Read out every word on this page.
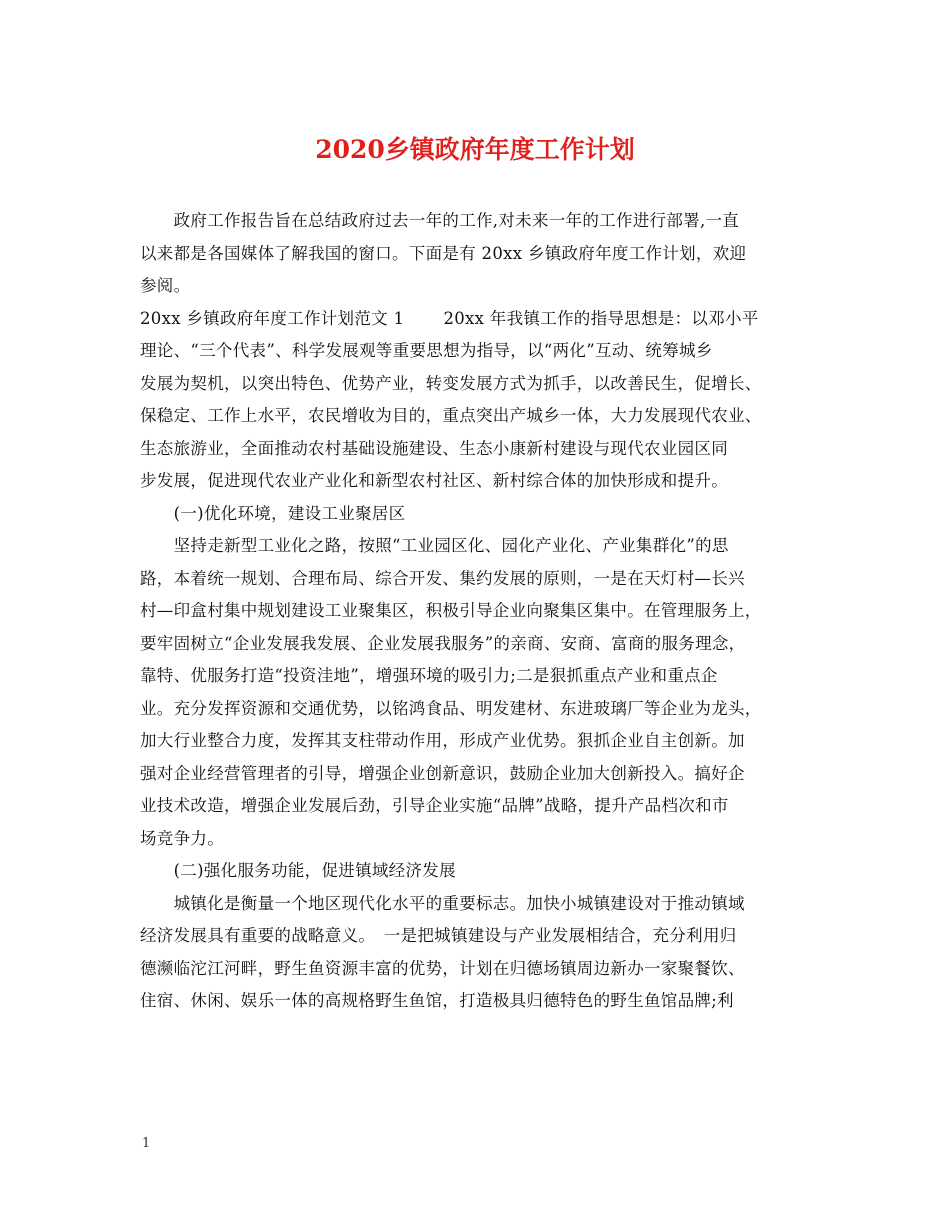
2020乡镇政府年度工作计划
　　政府工作报告旨在总结政府过去一年的工作,对未来一年的工作进行部署,一直
以来都是各国媒体了解我国的窗口。下面是有 20xx 乡镇政府年度工作计划，欢迎
参阅。
20xx 乡镇政府年度工作计划范文 1　　 20xx 年我镇工作的指导思想是：以邓小平
理论、“三个代表”、科学发展观等重要思想为指导，以“两化”互动、统筹城乡
发展为契机，以突出特色、优势产业，转变发展方式为抓手，以改善民生，促增长、
保稳定、工作上水平，农民增收为目的，重点突出产城乡一体，大力发展现代农业、
生态旅游业，全面推动农村基础设施建设、生态小康新村建设与现代农业园区同
步发展，促进现代农业产业化和新型农村社区、新村综合体的加快形成和提升。
　　(一)优化环境，建设工业聚居区
　　坚持走新型工业化之路，按照“工业园区化、园化产业化、产业集群化”的思
路，本着统一规划、合理布局、综合开发、集约发展的原则，一是在天灯村—长兴
村—印盒村集中规划建设工业聚集区，积极引导企业向聚集区集中。在管理服务上，
要牢固树立“企业发展我发展、企业发展我服务”的亲商、安商、富商的服务理念，
靠特、优服务打造“投资洼地”，增强环境的吸引力;二是狠抓重点产业和重点企
业。充分发挥资源和交通优势，以铭鸿食品、明发建材、东进玻璃厂等企业为龙头，
加大行业整合力度，发挥其支柱带动作用，形成产业优势。狠抓企业自主创新。加
强对企业经营管理者的引导，增强企业创新意识，鼓励企业加大创新投入。搞好企
业技术改造，增强企业发展后劲，引导企业实施“品牌”战略，提升产品档次和市
场竞争力。
　　(二)强化服务功能，促进镇域经济发展
　　城镇化是衡量一个地区现代化水平的重要标志。加快小城镇建设对于推动镇域
经济发展具有重要的战略意义。　一是把城镇建设与产业发展相结合，充分利用归
德濒临沱江河畔，野生鱼资源丰富的优势，计划在归德场镇周边新办一家聚餐饮、
住宿、休闲、娱乐一体的高规格野生鱼馆，打造极具归德特色的野生鱼馆品牌;利
1
